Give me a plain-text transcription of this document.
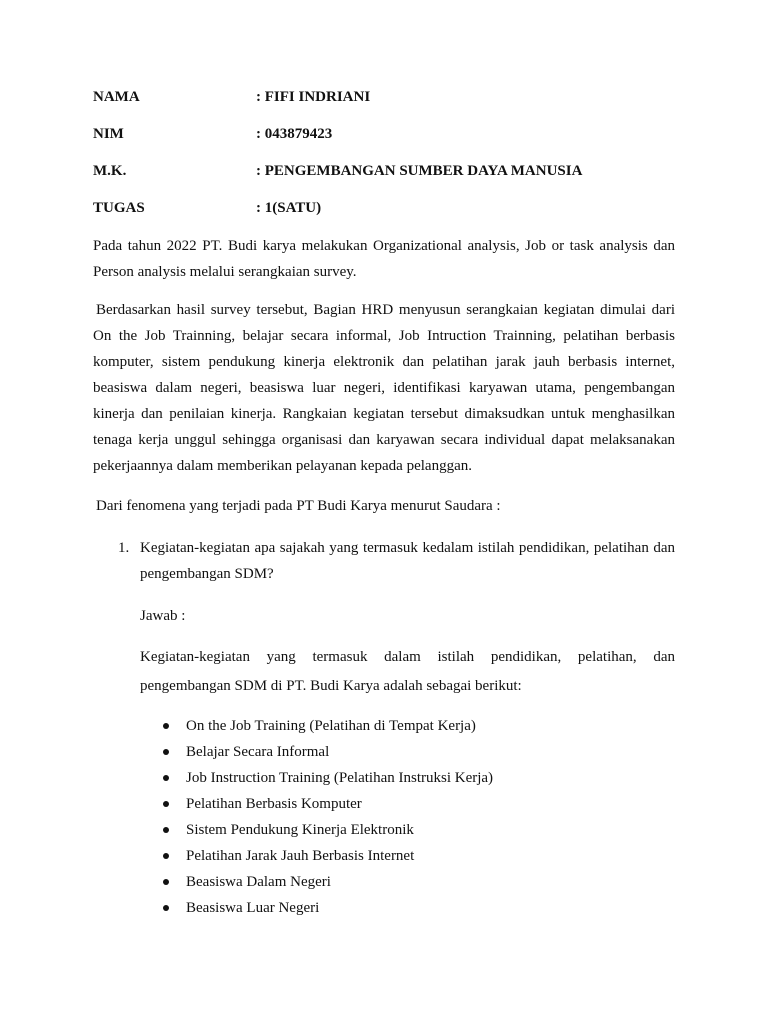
NAMA	: FIFI INDRIANI
NIM	: 043879423
M.K.	: PENGEMBANGAN SUMBER DAYA MANUSIA
TUGAS	: 1(SATU)

Pada tahun 2022 PT. Budi karya melakukan Organizational analysis, Job or task analysis dan Person analysis melalui serangkaian survey.

Berdasarkan hasil survey tersebut, Bagian HRD menyusun serangkaian kegiatan dimulai dari On the Job Trainning, belajar secara informal, Job Intruction Trainning, pelatihan berbasis komputer, sistem pendukung kinerja elektronik dan pelatihan jarak jauh berbasis internet, beasiswa dalam negeri, beasiswa luar negeri, identifikasi karyawan utama, pengembangan kinerja dan penilaian kinerja. Rangkaian kegiatan tersebut dimaksudkan untuk menghasilkan tenaga kerja unggul sehingga organisasi dan karyawan secara individual dapat melaksanakan pekerjaannya dalam memberikan pelayanan kepada pelanggan.

Dari fenomena yang terjadi pada PT Budi Karya menurut Saudara :

1. Kegiatan-kegiatan apa sajakah yang termasuk kedalam istilah pendidikan, pelatihan dan pengembangan SDM?

Jawab :
Kegiatan-kegiatan yang termasuk dalam istilah pendidikan, pelatihan, dan
pengembangan SDM di PT. Budi Karya adalah sebagai berikut:
On the Job Training (Pelatihan di Tempat Kerja)
Belajar Secara Informal
Job Instruction Training (Pelatihan Instruksi Kerja)
Pelatihan Berbasis Komputer
Sistem Pendukung Kinerja Elektronik
Pelatihan Jarak Jauh Berbasis Internet
Beasiswa Dalam Negeri
Beasiswa Luar Negeri
